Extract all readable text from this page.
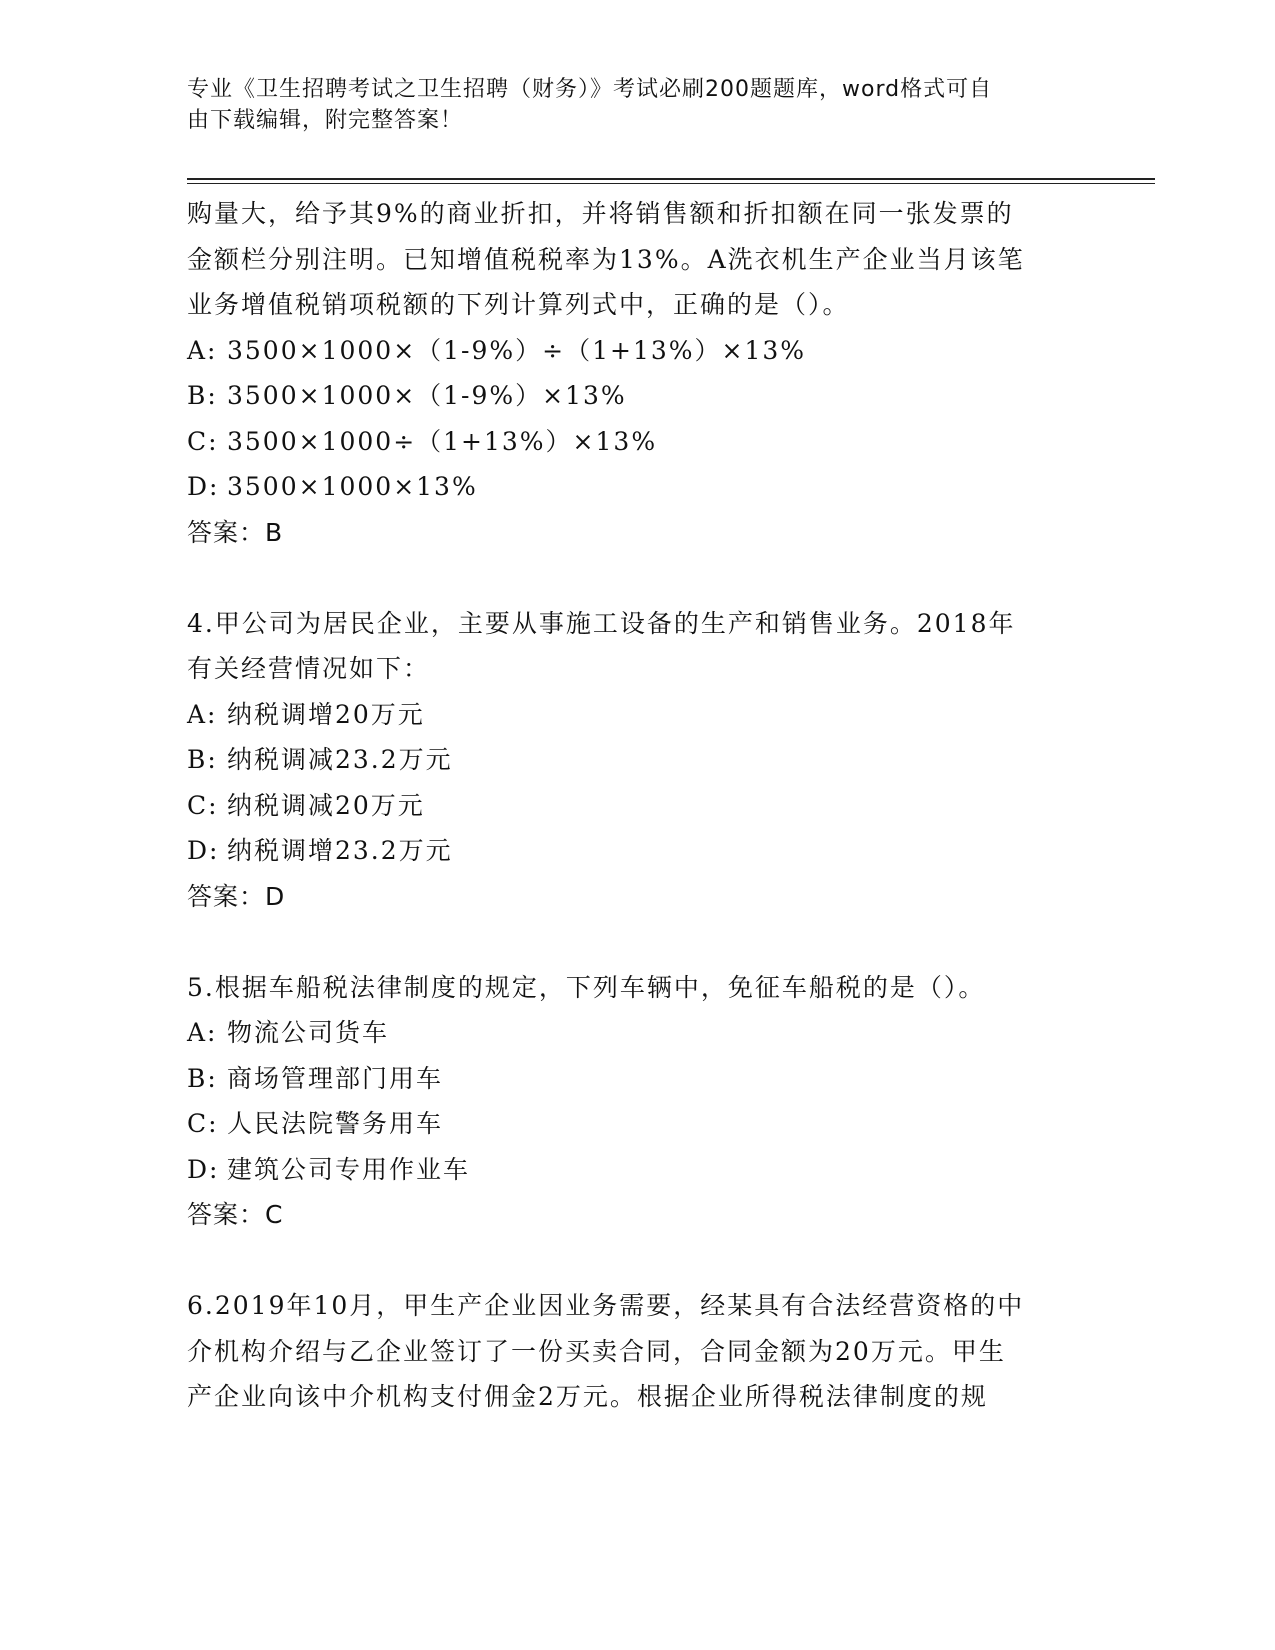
专业《卫生招聘考试之卫生招聘（财务）》考试必刷200题题库，word格式可自
由下载编辑，附完整答案！
购量大，给予其9%的商业折扣，并将销售额和折扣额在同一张发票的
金额栏分别注明。已知增值税税率为13%。A洗衣机生产企业当月该笔
业务增值税销项税额的下列计算列式中，正确的是（）。
A: 3500×1000×（1-9%）÷（1+13%）×13%
B: 3500×1000×（1-9%）×13%
C: 3500×1000÷（1+13%）×13%
D: 3500×1000×13%
答案：B
4.甲公司为居民企业，主要从事施工设备的生产和销售业务。2018年
有关经营情况如下：
A: 纳税调增20万元
B: 纳税调减23.2万元
C: 纳税调减20万元
D: 纳税调增23.2万元
答案：D
5.根据车船税法律制度的规定，下列车辆中，免征车船税的是（）。
A: 物流公司货车
B: 商场管理部门用车
C: 人民法院警务用车
D: 建筑公司专用作业车
答案：C
6.2019年10月，甲生产企业因业务需要，经某具有合法经营资格的中
介机构介绍与乙企业签订了一份买卖合同，合同金额为20万元。甲生
产企业向该中介机构支付佣金2万元。根据企业所得税法律制度的规
